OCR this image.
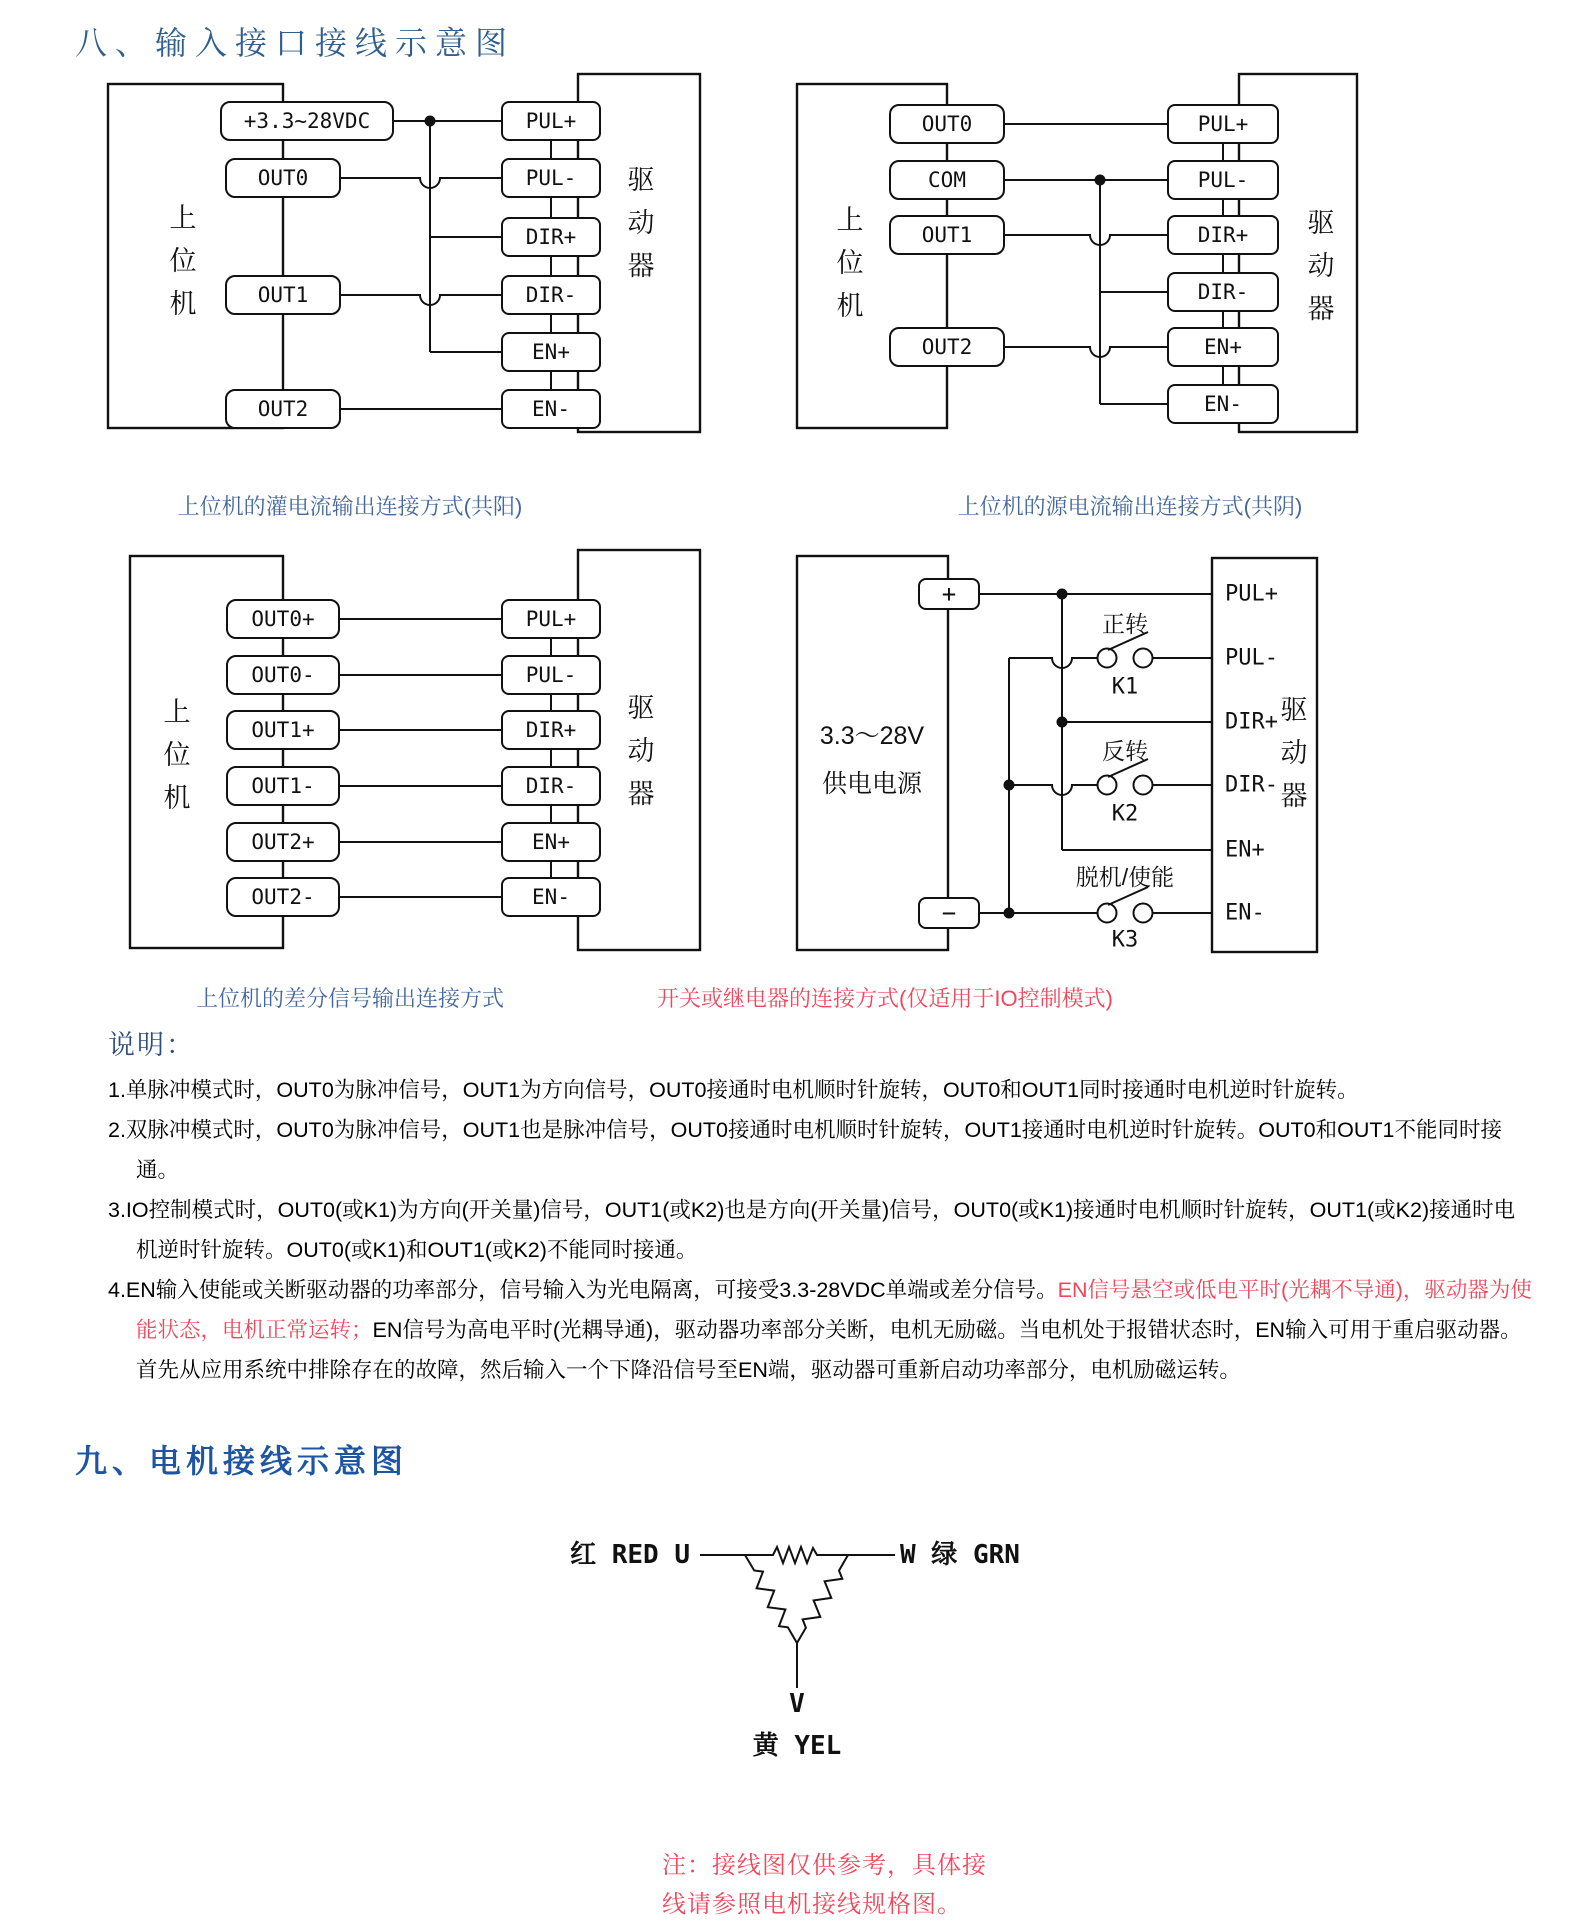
八、输入接口接线示意图
+3.3~28VDC
OUT0
OUT1
OUT2
PUL+
PUL-
DIR+
DIR-
EN+
EN-
上
位
机
驱
动
器
OUT0
COM
OUT1
OUT2
PUL+
PUL-
DIR+
DIR-
EN+
EN-
上
位
机
驱
动
器
上位机的灌电流输出连接方式(共阳)	上位机的源电流输出连接方式(共阴)
OUT0+
OUT0-
OUT1+
OUT1-
OUT2+
OUT2-
PUL+
PUL-
DIR+
DIR-
EN+
EN-
上
位
机
驱
动
器
+
−
3.3～28V
供电电源
正转
K1
反转
K2
脱机/使能
K3
PUL+
PUL-
DIR+
DIR-
EN+
EN-
驱
动
器
上位机的差分信号输出连接方式	开关或继电器的连接方式(仅适用于IO控制模式)
说明：
1.单脉冲模式时，OUT0为脉冲信号，OUT1为方向信号，OUT0接通时电机顺时针旋转，OUT0和OUT1同时接通时电机逆时针旋转。
2.双脉冲模式时，OUT0为脉冲信号，OUT1也是脉冲信号，OUT0接通时电机顺时针旋转，OUT1接通时电机逆时针旋转。OUT0和OUT1不能同时接通。
3.IO控制模式时，OUT0(或K1)为方向(开关量)信号，OUT1(或K2)也是方向(开关量)信号，OUT0(或K1)接通时电机顺时针旋转，OUT1(或K2)接通时电机逆时针旋转。OUT0(或K1)和OUT1(或K2)不能同时接通。
4.EN输入使能或关断驱动器的功率部分，信号输入为光电隔离，可接受3.3-28VDC单端或差分信号。EN信号悬空或低电平时(光耦不导通)，驱动器为使能状态，电机正常运转；EN信号为高电平时(光耦导通)，驱动器功率部分关断，电机无励磁。当电机处于报错状态时，EN输入可用于重启驱动器。首先从应用系统中排除存在的故障，然后输入一个下降沿信号至EN端，驱动器可重新启动功率部分，电机励磁运转。
九、电机接线示意图
红 RED U	W 绿 GRN
V
黄 YEL
注：接线图仅供参考，具体接
线请参照电机接线规格图。
